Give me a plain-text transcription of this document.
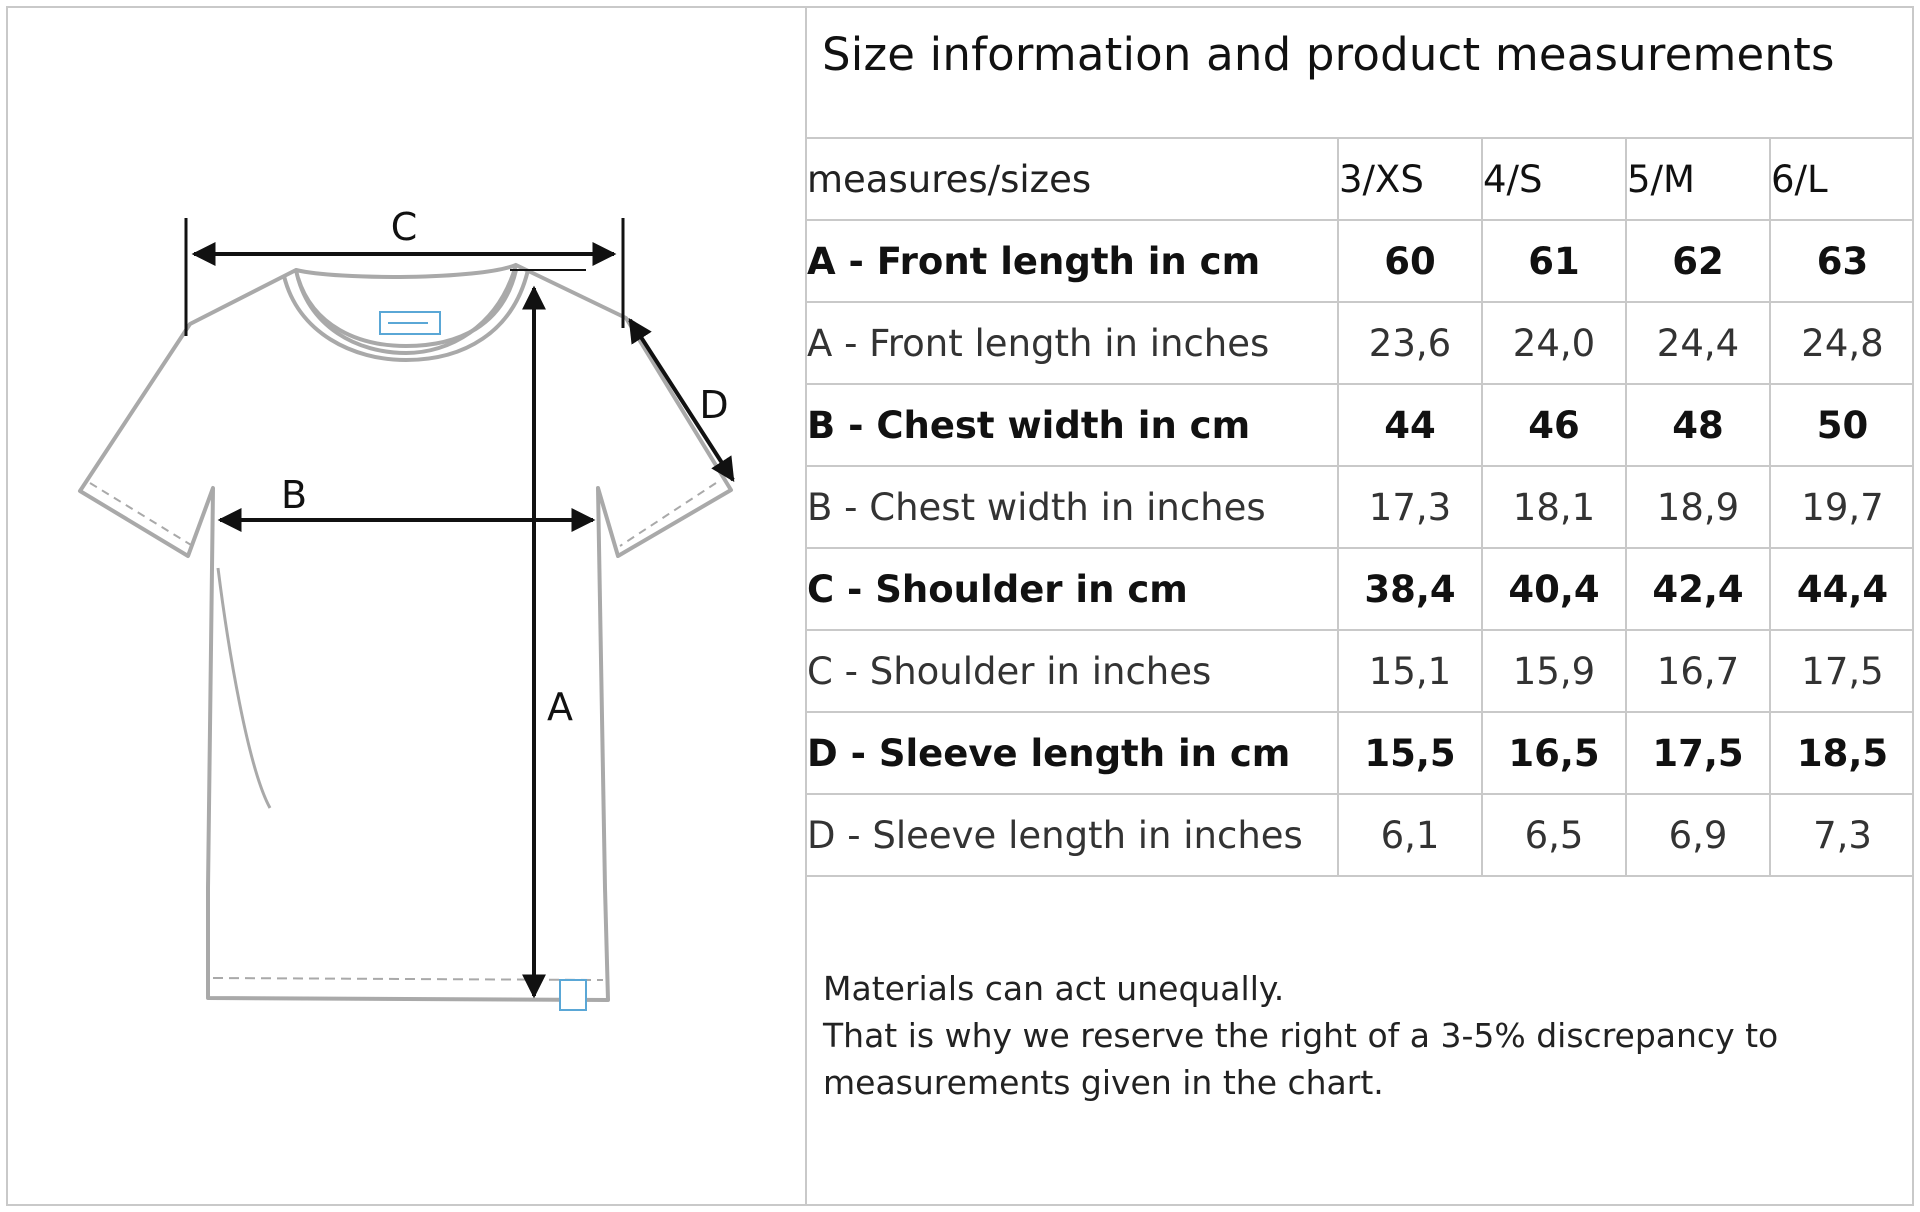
C
B
A
D
Size information and product measurements
measures/sizes	3/XS	4/S	5/M	6/L
A - Front length in cm	60	61	62	63
A - Front length in inches	23,6	24,0	24,4	24,8
B - Chest width in cm	44	46	48	50
B - Chest width in inches	17,3	18,1	18,9	19,7
C - Shoulder in cm	38,4	40,4	42,4	44,4
C - Shoulder in inches	15,1	15,9	16,7	17,5
D - Sleeve length in cm	15,5	16,5	17,5	18,5
D - Sleeve length in inches	6,1	6,5	6,9	7,3
Materials can act unequally.
That is why we reserve the right of a 3-5% discrepancy to
measurements given in the chart.
